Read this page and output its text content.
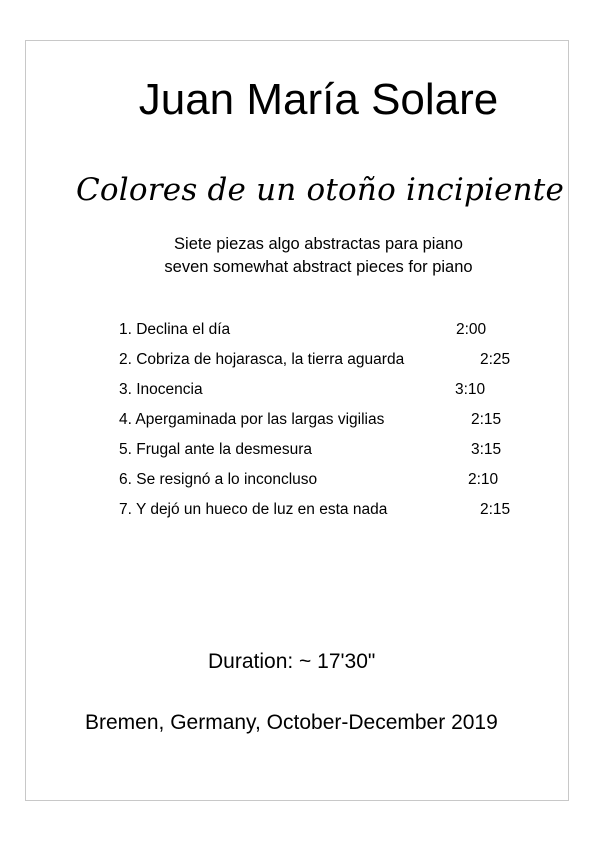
Juan María Solare
Colores de un otoño incipiente
Siete piezas algo abstractas para piano
seven somewhat abstract pieces for piano
1. Declina el día	2:00
2. Cobriza de hojarasca, la tierra aguarda	2:25
3. Inocencia	3:10
4. Apergaminada por las largas vigilias	2:15
5. Frugal ante la desmesura	3:15
6. Se resignó a lo inconcluso	2:10
7. Y dejó un hueco de luz en esta nada	2:15
Duration: ~ 17'30"
Bremen, Germany, October-December 2019
